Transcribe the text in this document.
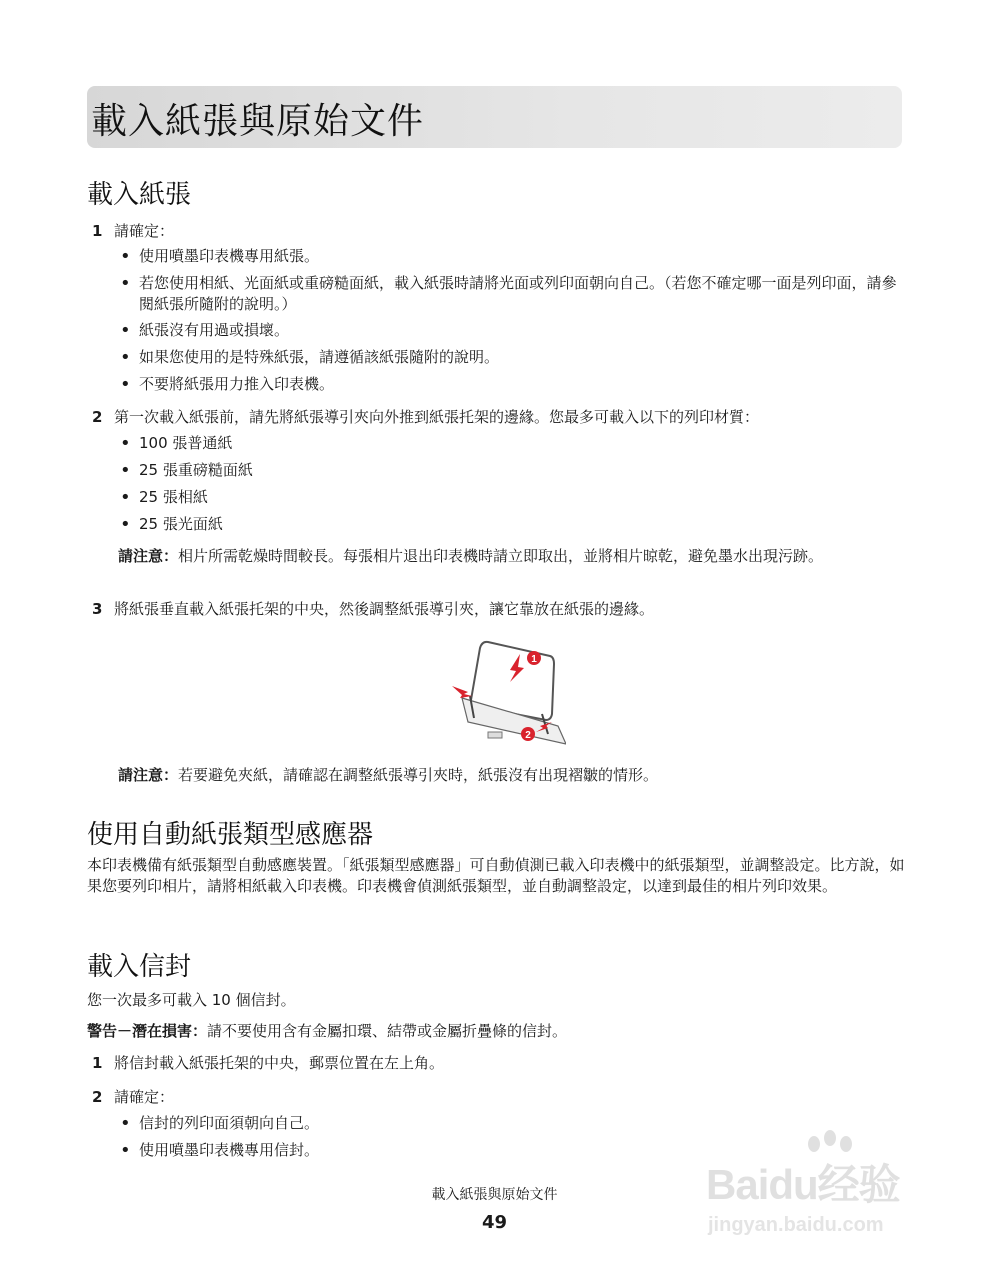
載入紙張與原始文件
載入紙張
1 請確定：
• 使用噴墨印表機專用紙張。
• 若您使用相紙、光面紙或重磅糙面紙，載入紙張時請將光面或列印面朝向自己。（若您不確定哪一面是列印面，請參閱紙張所隨附的說明。）
• 紙張沒有用過或損壞。
• 如果您使用的是特殊紙張，請遵循該紙張隨附的說明。
• 不要將紙張用力推入印表機。
2 第一次載入紙張前，請先將紙張導引夾向外推到紙張托架的邊緣。您最多可載入以下的列印材質：
• 100 張普通紙
• 25 張重磅糙面紙
• 25 張相紙
• 25 張光面紙
請注意：相片所需乾燥時間較長。每張相片退出印表機時請立即取出，並將相片晾乾，避免墨水出現污跡。
3 將紙張垂直載入紙張托架的中央，然後調整紙張導引夾，讓它靠放在紙張的邊緣。
1
2
請注意：若要避免夾紙，請確認在調整紙張導引夾時，紙張沒有出現褶皺的情形。
使用自動紙張類型感應器
本印表機備有紙張類型自動感應裝置。「紙張類型感應器」可自動偵測已載入印表機中的紙張類型，並調整設定。比方說，如果您要列印相片，請將相紙載入印表機。印表機會偵測紙張類型，並自動調整設定，以達到最佳的相片列印效果。
載入信封
您一次最多可載入 10 個信封。
警告－潛在損害：請不要使用含有金屬扣環、結帶或金屬折疊條的信封。
1 將信封載入紙張托架的中央，郵票位置在左上角。
2 請確定：
• 信封的列印面須朝向自己。
• 使用噴墨印表機專用信封。
載入紙張與原始文件
49
Baidu经验
jingyan.baidu.com
